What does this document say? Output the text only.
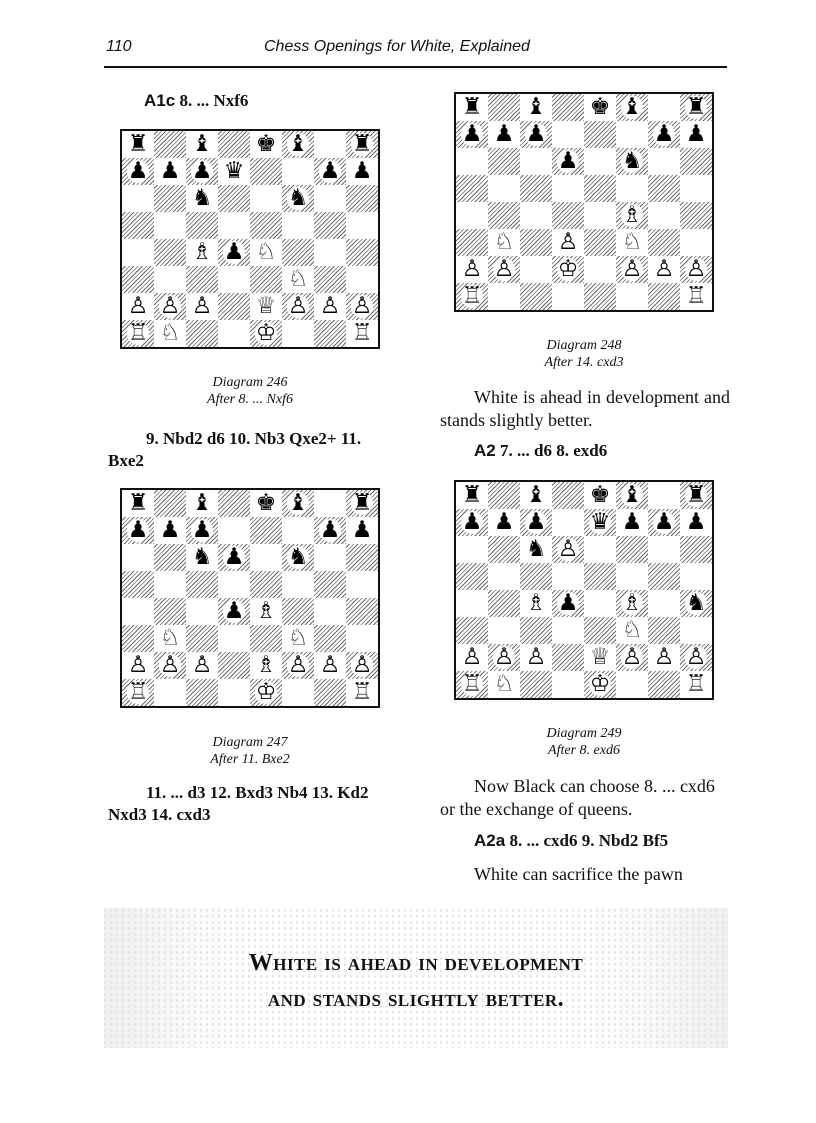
110	Chess Openings for White, Explained
A1c 8. ... Nxf6
♜ ♝ ♚ ♝ ♜
♟ ♟ ♟ ♛	♟ ♟
♞	♞
♗ ♟ ♘
♘
♙ ♙ ♙ ♕ ♙ ♙ ♙
♖ ♘	♔	♖
Diagram 246
After 8. ... Nxf6
9. Nbd2 d6 10. Nb3 Qxe2+ 11. Bxe2
♜ ♝ ♚ ♝ ♜
♟ ♟ ♟	♟ ♟
♞ ♟ ♞
♟ ♗
♘	♘
♙ ♙ ♙ ♗ ♙ ♙ ♙
♖	♔	♖
Diagram 247
After 11. Bxe2
11. ... d3 12. Bxd3 Nb4 13. Kd2 Nxd3 14. cxd3
♜ ♝ ♚ ♝ ♜
♟ ♟ ♟	♟ ♟
♟ ♞
♗
♘ ♙ ♘
♙ ♙ ♔ ♙ ♙ ♙
♖	♖
Diagram 248
After 14. cxd3
White is ahead in development and stands slightly better.
A2 7. ... d6 8. exd6
♜ ♝ ♚ ♝ ♜
♟ ♟ ♟ ♛ ♟ ♟ ♟
♞ ♙
♗ ♟ ♗ ♞
♘
♙ ♙ ♙ ♕ ♙ ♙ ♙
♖ ♘	♔	♖
Diagram 249
After 8. exd6
Now Black can choose 8. ... cxd6 or the exchange of queens.
A2a 8. ... cxd6 9. Nbd2 Bf5
White can sacrifice the pawn
White is ahead in development
and stands slightly better.
